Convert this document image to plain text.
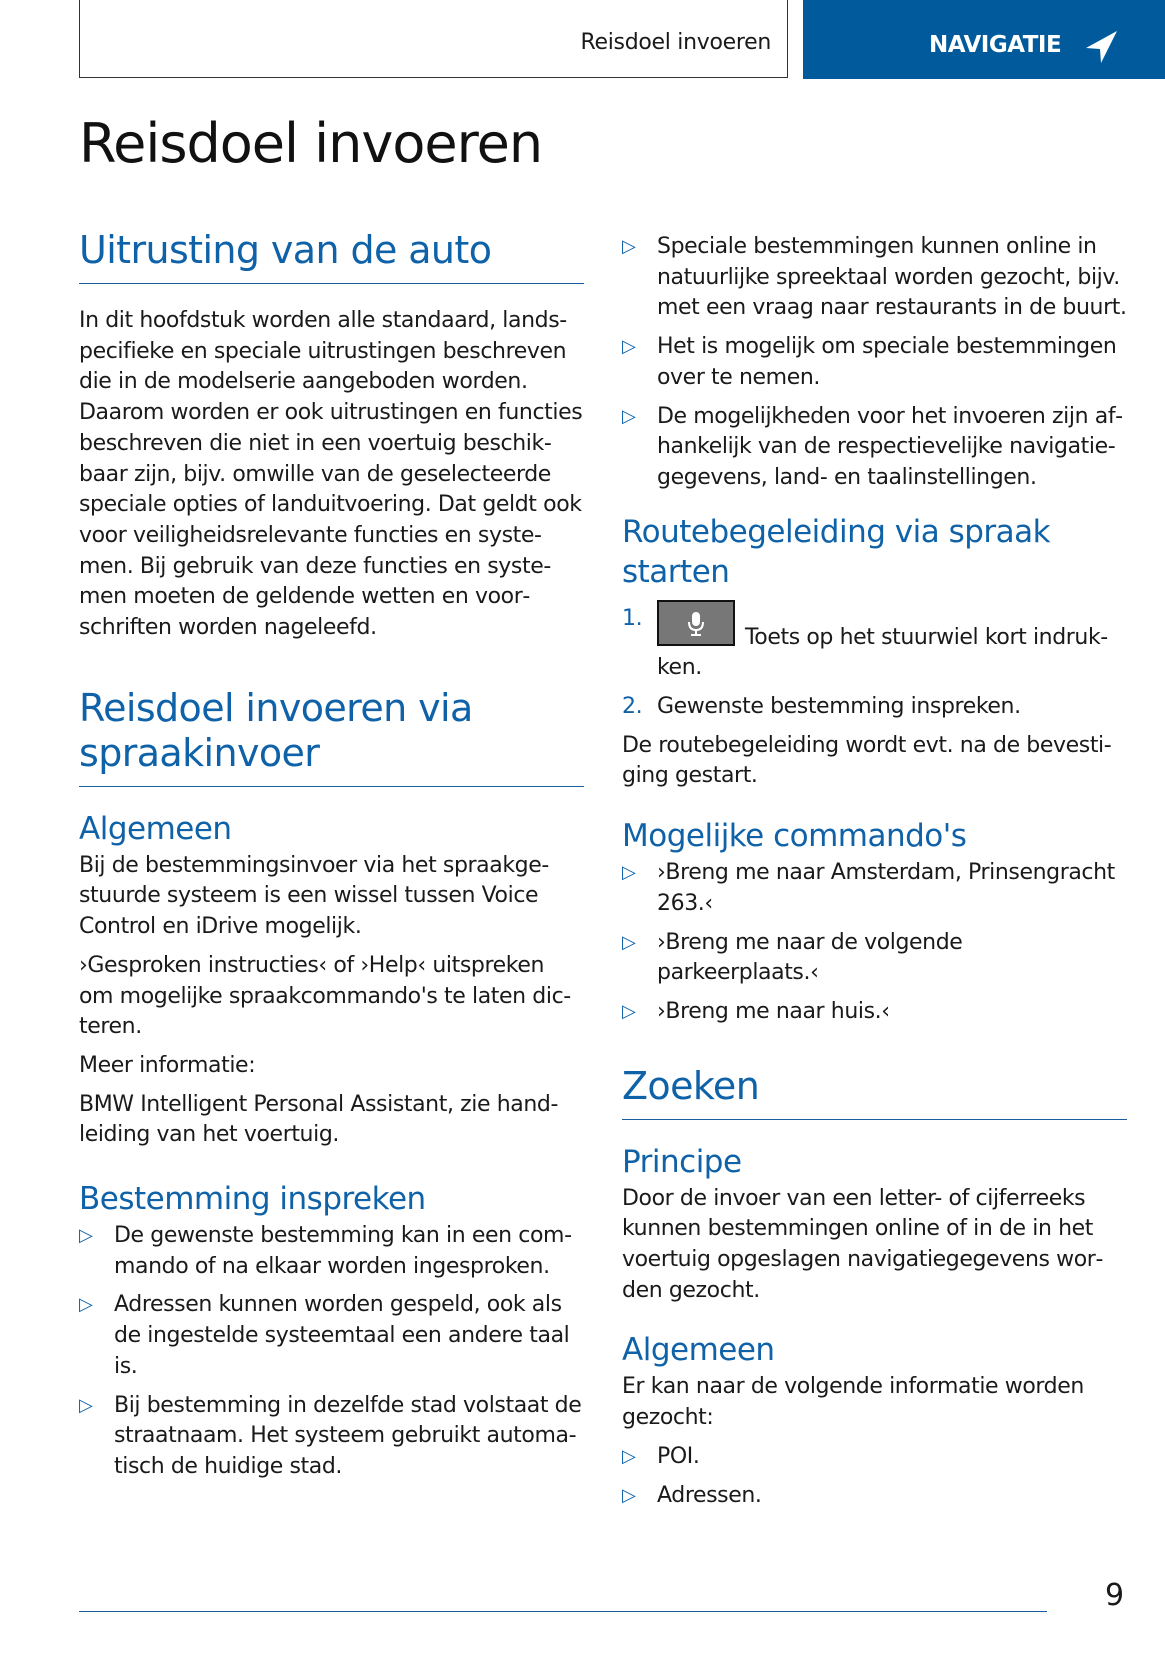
Reisdoel invoeren	NAVIGATIE
Reisdoel invoeren
Uitrusting van de auto

In dit hoofdstuk worden alle standaard, landspecifieke en speciale uitrustingen beschreven die in de modelserie aangeboden worden. Daarom worden er ook uitrustingen en functies beschreven die niet in een voertuig beschikbaar zijn, bijv. omwille van de geselecteerde speciale opties of landuitvoering. Dat geldt ook voor veiligheidsrelevante functies en systemen. Bij gebruik van deze functies en systemen moeten de geldende wetten en voorschriften worden nageleefd.

Reisdoel invoeren via spraakinvoer
Algemeen

Bij de bestemmingsinvoer via het spraakgestuurde systeem is een wissel tussen Voice Control en iDrive mogelijk.

›Gesproken instructies‹ of ›Help‹ uitspreken om mogelijke spraakcommando's te laten dicteren.

Meer informatie:

BMW Intelligent Personal Assistant, zie handleiding van het voertuig.

Bestemming inspreken
▷ De gewenste bestemming kan in een commando of na elkaar worden ingesproken.
▷ Adressen kunnen worden gespeld, ook als de ingestelde systeemtaal een andere taal is.
▷ Bij bestemming in dezelfde stad volstaat de straatnaam. Het systeem gebruikt automatisch de huidige stad.
▷ Speciale bestemmingen kunnen online in natuurlijke spreektaal worden gezocht, bijv. met een vraag naar restaurants in de buurt.
▷ Het is mogelijk om speciale bestemmingen over te nemen.
▷ De mogelijkheden voor het invoeren zijn afhankelijk van de respectievelijke navigatiegegevens, land- en taalinstellingen.
Routebegeleiding via spraak starten
1.
Toets op het stuurwiel kort indrukken.
2. Gewenste bestemming inspreken.

De routebegeleiding wordt evt. na de bevestiging gestart.

Mogelijke commando's
▷ ›Breng me naar Amsterdam, Prinsengracht 263.‹
▷ ›Breng me naar de volgende parkeerplaats.‹
▷ ›Breng me naar huis.‹
Zoeken
Principe

Door de invoer van een letter- of cijferreeks kunnen bestemmingen online of in de in het voertuig opgeslagen navigatiegegevens worden gezocht.

Algemeen

Er kan naar de volgende informatie worden gezocht:

▷ POI.
▷ Adressen.
9
